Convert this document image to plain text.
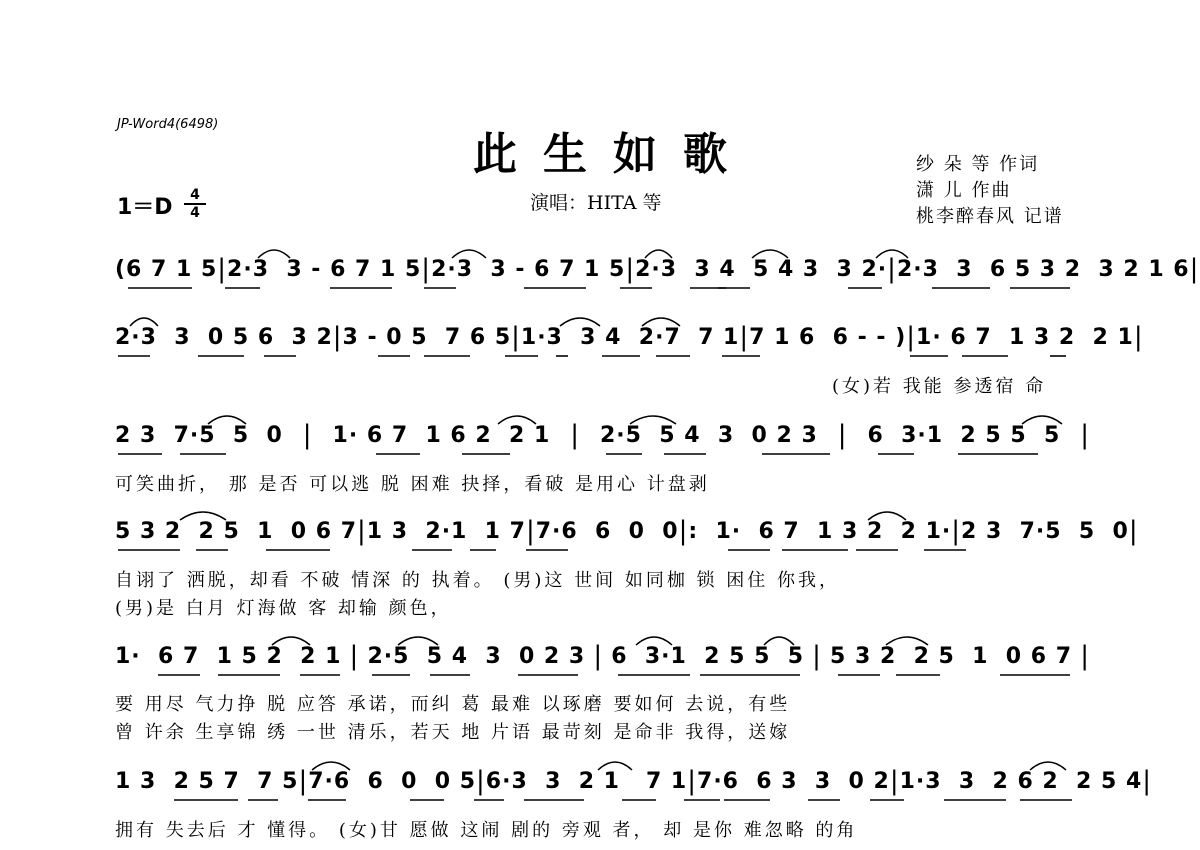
JP-Word4(6498)
此生如歌
演唱：HITA 等
1＝D	4
4
纱 朵 等 作词
潇 儿 作曲
桃李醉春风 记谱
(6 7 1 5 | 2·3  3 - 6 7 1 5 | 2·3  3 - 6 7 1 5 | 2·3  3 4  5 4 3  3 2· | 2·3  3  6 5 3 2  3 2 1 6 |
2·3  3  0 5 6  3 2 | 3 - 0 5  7 6 5 | 1·3  3 4  2·7  7 1 | 7 1 6  6 - - ) | 1· 6 7  1 3 2  2 1 |
(女)若 我能 参透宿 命
2 3  7·5  5  0 | 1· 6 7  1 6 2  2 1 | 2·5  5 4  3  0 2 3 | 6  3·1  2 5 5  5 |
可笑曲折， 那 是否 可以逃 脱 困难 抉择，看破 是用心 计盘剥
5 3 2  2 5  1  0 6 7 | 1 3  2·1  1 7 | 7·6  6  0  0 | :  1·  6 7  1 3 2  2 1· | 2 3  7·5  5  0 |
自诩了 洒脱，却看 不破 情深 的 执着。 (男)这 世间 如同枷 锁 困住 你我，
(男)是 白月 灯海做 客 却输 颜色，
1·  6 7  1 5 2  2 1 | 2·5  5 4  3  0 2 3 | 6  3·1  2 5 5  5 | 5 3 2  2 5  1  0 6 7 |
要 用尽 气力挣 脱 应答 承诺，而纠 葛 最难 以琢磨 要如何 去说，有些
曾 许余 生享锦 绣 一世 清乐，若天 地 片语 最苛刻 是命非 我得，送嫁
1 3  2 5 7  7 5 | 7·6  6  0  0 5 | 6·3  3  2 1   7 1 | 7·6  6 3  3  0 2 | 1·3  3  2 6 2  2 5 4 |
拥有 失去后 才 懂得。 (女)甘 愿做 这闹 剧的 旁观 者， 却 是你 难忽略 的角
